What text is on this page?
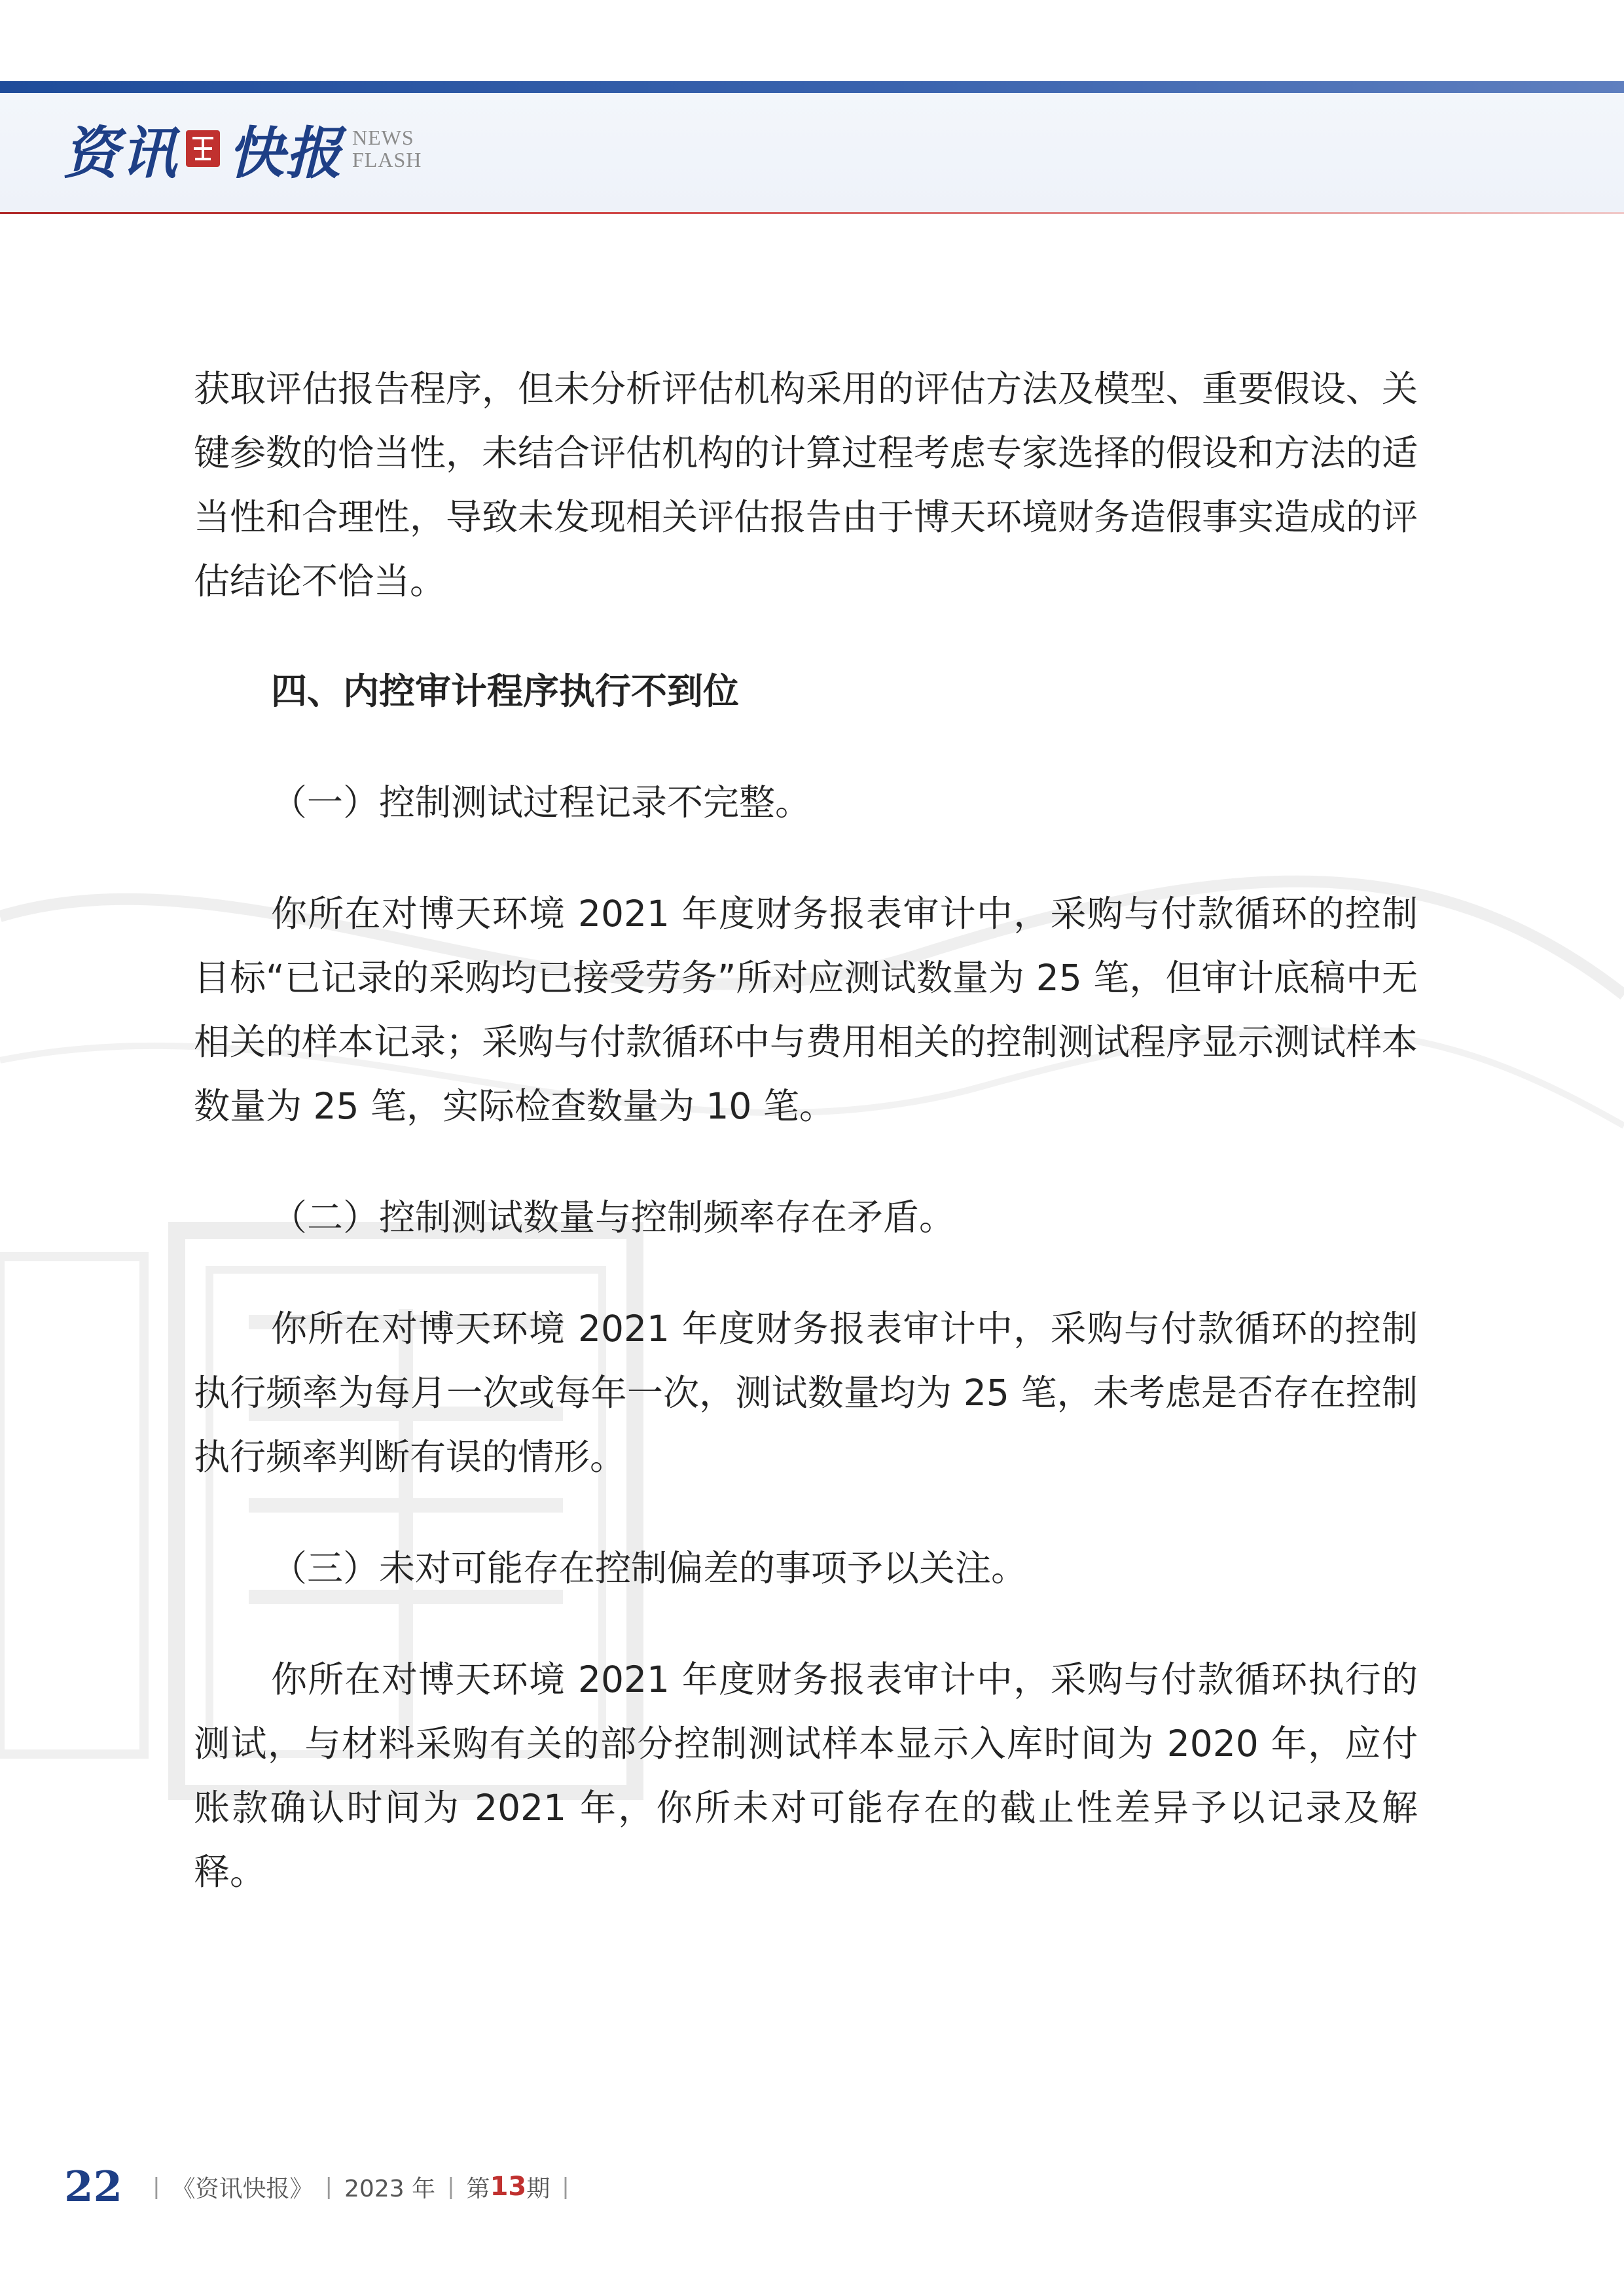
资讯 快报 NEWS
FLASH

获取评估报告程序，但未分析评估机构采用的评估方法及模型、重要假设、关键参数的恰当性，未结合评估机构的计算过程考虑专家选择的假设和方法的适当性和合理性，导致未发现相关评估报告由于博天环境财务造假事实造成的评估结论不恰当。

四、内控审计程序执行不到位

（一）控制测试过程记录不完整。

你所在对博天环境 2021 年度财务报表审计中，采购与付款循环的控制目标“已记录的采购均已接受劳务”所对应测试数量为 25 笔，但审计底稿中无相关的样本记录；采购与付款循环中与费用相关的控制测试程序显示测试样本数量为 25 笔，实际检查数量为 10 笔。

（二）控制测试数量与控制频率存在矛盾。

你所在对博天环境 2021 年度财务报表审计中，采购与付款循环的控制执行频率为每月一次或每年一次，测试数量均为 25 笔，未考虑是否存在控制执行频率判断有误的情形。

（三）未对可能存在控制偏差的事项予以关注。

你所在对博天环境 2021 年度财务报表审计中，采购与付款循环执行的测试，与材料采购有关的部分控制测试样本显示入库时间为 2020 年，应付账款确认时间为 2021 年，你所未对可能存在的截止性差异予以记录及解释。

22 | 《资讯快报》 | 2023 年 | 第 13 期 |
